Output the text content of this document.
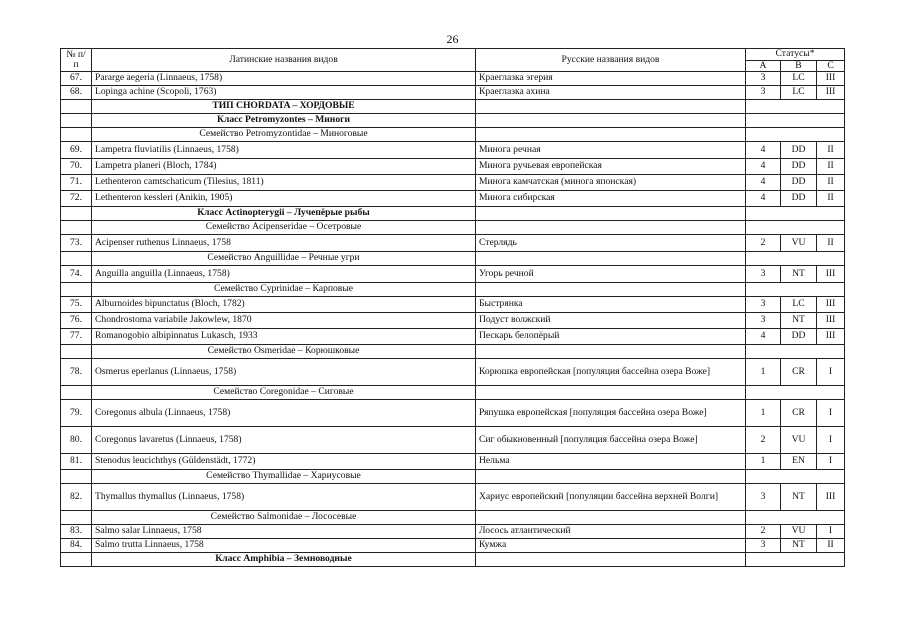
26
№ п/п	Латинские названия видов	Русские названия видов	Статусы*		
			A	B	C
67.	Pararge aegeria (Linnaeus, 1758)	Краеглазка эгерия	3	LC	III
68.	Lopinga achine (Scopoli, 1763)	Краеглазка ахина	3	LC	III
	ТИП CHORDATA – ХОРДОВЫЕ				
	Класс Petromyzontes – Миноги				
	Семейство Petromyzontidae – Миноговые				
69.	Lampetra fluviatilis (Linnaeus, 1758)	Минога речная	4	DD	II
70.	Lampetra planeri (Bloch, 1784)	Минога ручьевая европейская	4	DD	II
71.	Lethenteron camtschaticum (Tilesius, 1811)	Минога камчатская (минога японская)	4	DD	II
72.	Lethenteron kessleri (Anikin, 1905)	Минога сибирская	4	DD	II
	Класс Actinopterygii – Лучепёрые рыбы				
	Семейство Acipenseridae – Осетровые				
73.	Acipenser ruthenus Linnaeus, 1758	Стерлядь	2	VU	II
	Семейство Anguillidae – Речные угри				
74.	Anguilla anguilla (Linnaeus, 1758)	Угорь речной	3	NT	III
	Семейство Cyprinidae – Карповые				
75.	Alburnoides bipunctatus (Bloch, 1782)	Быстрянка	3	LC	III
76.	Chondrostoma variabile Jakowlew, 1870	Подуст волжский	3	NT	III
77.	Romanogobio albipinnatus Lukasch, 1933	Пескарь белопёрый	4	DD	III
	Семейство Osmeridae – Корюшковые				
78.	Osmerus eperlanus (Linnaeus, 1758)	Корюшка европейская [популяция бассейна озера Воже]	1	CR	I
	Семейство Coregonidae – Сиговые				
79.	Coregonus albula (Linnaeus, 1758)	Ряпушка европейская [популяция бассейна озера Воже]	1	CR	I
80.	Coregonus lavaretus (Linnaeus, 1758)	Сиг обыкновенный [популяция бассейна озера Воже]	2	VU	I
81.	Stenodus leucichthys (Güldenstädt, 1772)	Нельма	1	EN	I
	Семейство Thymallidae – Хариусовые				
82.	Thymallus thymallus (Linnaeus, 1758)	Хариус европейский [популяции бассейна верхней Волги]	3	NT	III
	Семейство Salmonidae – Лососевые				
83.	Salmo salar Linnaeus, 1758	Лосось атлантический	2	VU	I
84.	Salmo trutta Linnaeus, 1758	Кумжа	3	NT	II
	Класс Amphibia – Земноводные				
